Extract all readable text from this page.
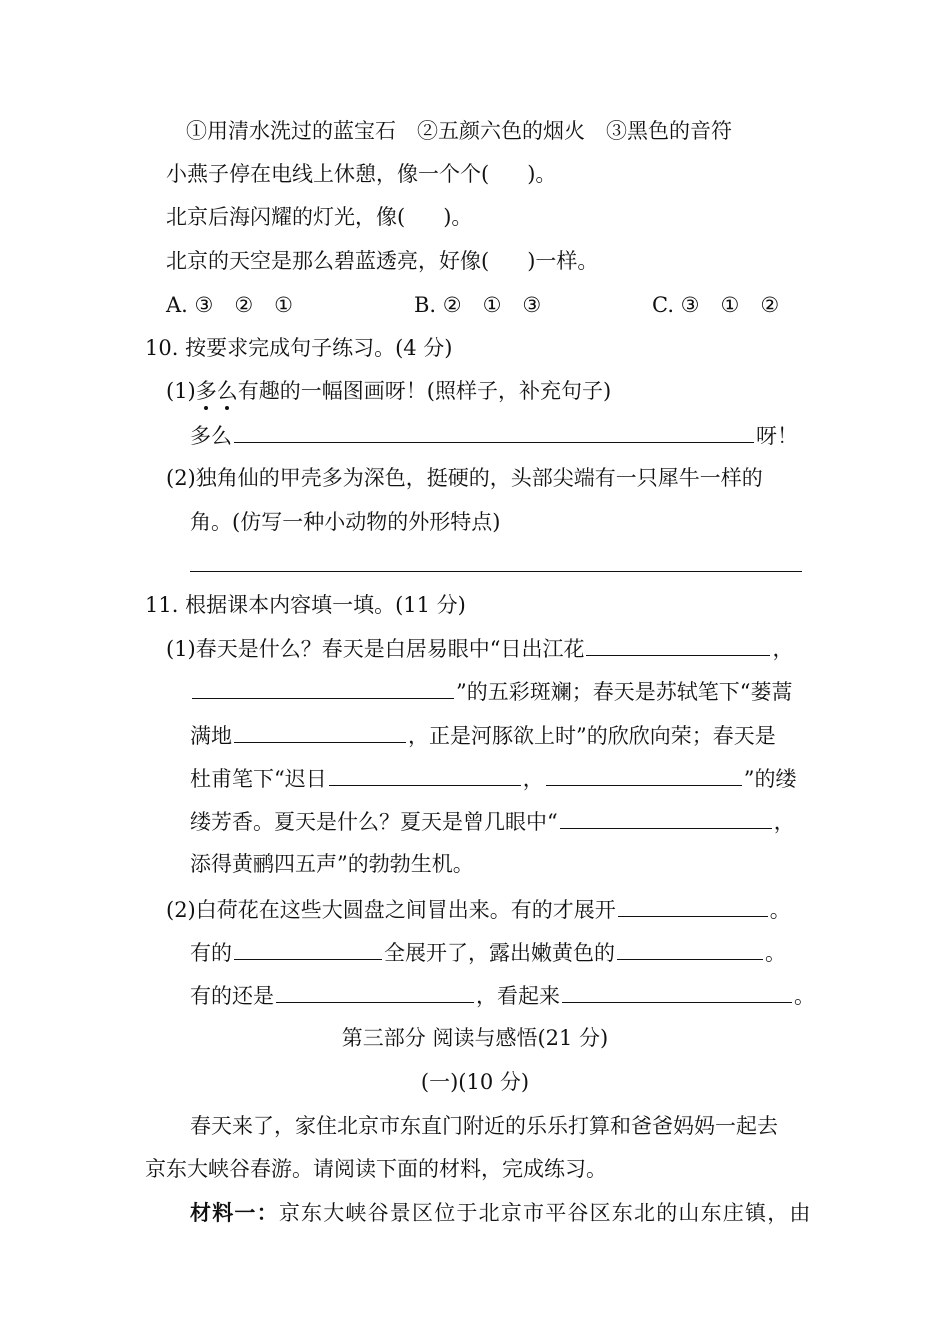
①用清水洗过的蓝宝石　②五颜六色的烟火　③黑色的音符
小燕子停在电线上休憩，像一个个( )。
北京后海闪耀的灯光，像( )。
北京的天空是那么碧蓝透亮，好像( )一样。
A. ③　②　①	B. ②　①　③	C. ③　①　②
10. 按要求完成句子练习。(4 分)
(1)多么有趣的一幅图画呀！(照样子，补充句子)
多么	呀！
(2)独角仙的甲壳多为深色，挺硬的，头部尖端有一只犀牛一样的
角。(仿写一种小动物的外形特点)
11. 根据课本内容填一填。(11 分)
(1)春天是什么？春天是白居易眼中“日出江花	，
”的五彩斑斓；春天是苏轼笔下“蒌蒿
满地	，正是河豚欲上时”的欣欣向荣；春天是
杜甫笔下“迟日	，	”的缕
缕芳香。夏天是什么？夏天是曾几眼中“	，
添得黄鹂四五声”的勃勃生机。
(2)白荷花在这些大圆盘之间冒出来。有的才展开	。
有的	全展开了，露出嫩黄色的	。
有的还是	，看起来	。
第三部分 阅读与感悟(21 分)
(一)(10 分)
春天来了，家住北京市东直门附近的乐乐打算和爸爸妈妈一起去
京东大峡谷春游。请阅读下面的材料，完成练习。
材料一：京东大峡谷景区位于北京市平谷区东北的山东庄镇，由
